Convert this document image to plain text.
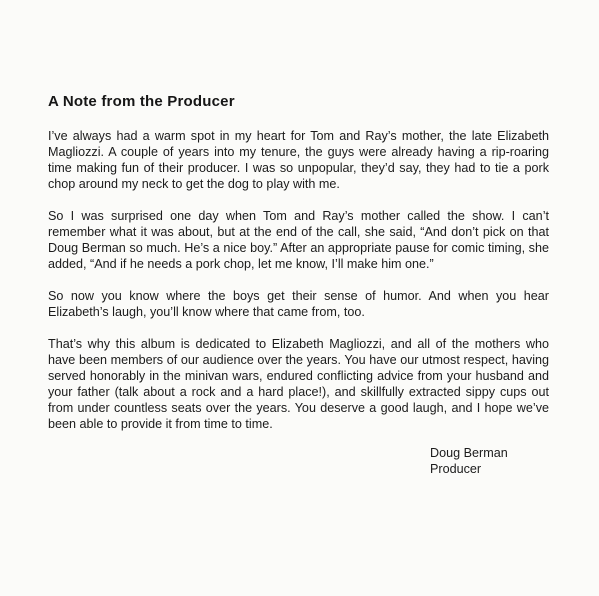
A Note from the Producer

I’ve always had a warm spot in my heart for Tom and Ray’s mother, the late Elizabeth Magliozzi. A couple of years into my tenure, the guys were already having a rip-roaring time making fun of their producer. I was so unpopular, they’d say, they had to tie a pork chop around my neck to get the dog to play with me.

So I was surprised one day when Tom and Ray’s mother called the show. I can’t remember what it was about, but at the end of the call, she said, “And don’t pick on that Doug Berman so much. He’s a nice boy.” After an appropriate pause for comic timing, she added, “And if he needs a pork chop, let me know, I’ll make him one.”

So now you know where the boys get their sense of humor. And when you hear Elizabeth’s laugh, you’ll know where that came from, too.

That’s why this album is dedicated to Elizabeth Magliozzi, and all of the mothers who have been members of our audience over the years. You have our utmost respect, having served honorably in the minivan wars, endured conflicting advice from your husband and your father (talk about a rock and a hard place!), and skillfully extracted sippy cups out from under countless seats over the years. You deserve a good laugh, and I hope we’ve been able to provide it from time to time.

Doug Berman
Producer
